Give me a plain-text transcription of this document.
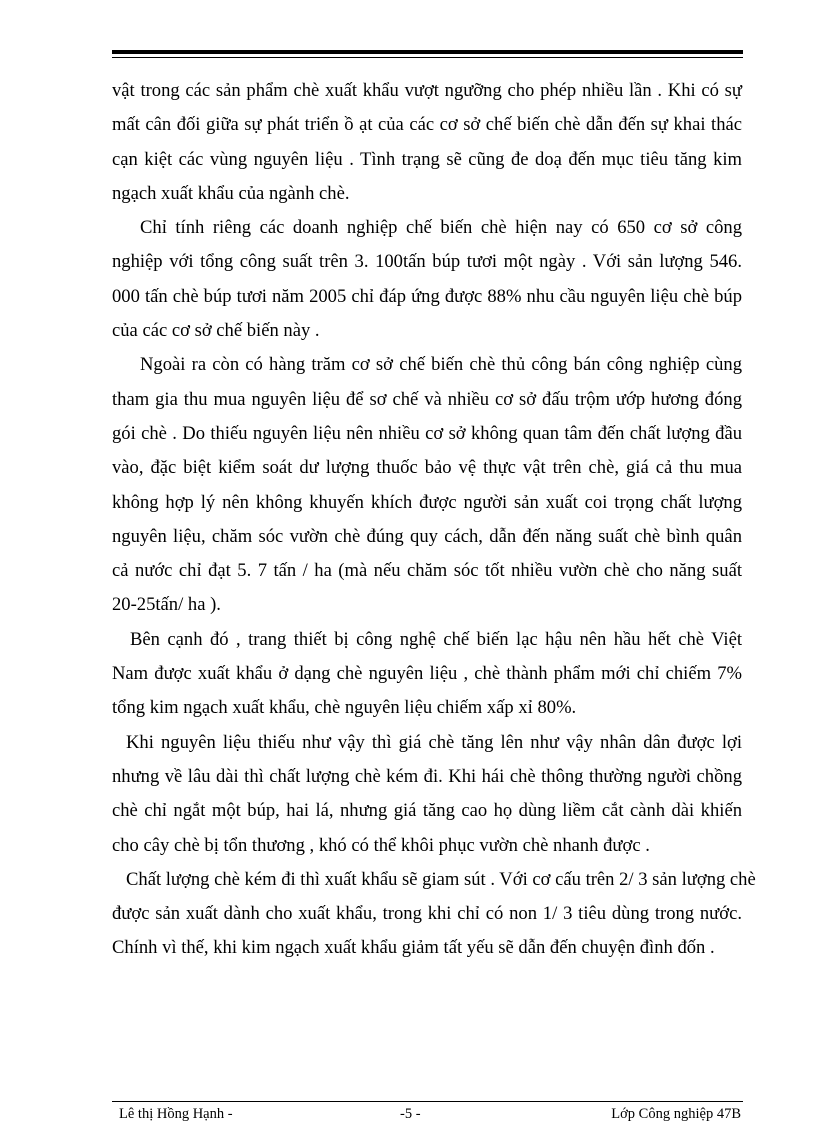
vật trong các sản phẩm chè xuất khẩu vượt ngưỡng cho phép nhiều lần . Khi có sự
mất cân đối giữa sự phát triển ồ ạt của các cơ sở chế biến chè dẫn đến sự khai thác
cạn kiệt các vùng nguyên liệu . Tình trạng sẽ cũng đe doạ đến mục tiêu tăng kim
ngạch xuất khẩu của ngành chè.

Chỉ tính riêng các doanh nghiệp chế biến chè hiện nay có 650 cơ sở công
nghiệp với tổng công suất trên 3. 100tấn búp tươi một ngày . Với sản lượng 546.
000 tấn chè búp tươi năm 2005 chỉ đáp ứng được 88% nhu cầu nguyên liệu chè búp
của các cơ sở chế biến này .

Ngoài ra còn có hàng trăm cơ sở chế biến chè thủ công bán công nghiệp cùng
tham gia thu mua nguyên liệu để sơ chế và nhiều cơ sở đấu trộm ướp hương đóng
gói chè . Do thiếu nguyên liệu nên nhiều cơ sở không quan tâm đến chất lượng đầu
vào, đặc biệt kiểm soát dư lượng thuốc bảo vệ thực vật trên chè, giá cả thu mua
không hợp lý nên không khuyến khích được người sản xuất coi trọng chất lượng
nguyên liệu, chăm sóc vườn chè đúng quy cách, dẫn đến năng suất chè bình quân
cả nước chỉ đạt 5. 7 tấn / ha (mà nếu chăm sóc tốt nhiều vườn chè cho năng suất
20-25tấn/ ha ).

Bên cạnh đó , trang thiết bị công nghệ chế biến lạc hậu nên hầu hết chè Việt
Nam được xuất khẩu ở dạng chè nguyên liệu , chè thành phẩm mới chỉ chiếm 7%
tổng kim ngạch xuất khẩu, chè nguyên liệu chiếm xấp xỉ 80%.

Khi nguyên liệu thiếu như vậy thì giá chè tăng lên như vậy nhân dân được lợi
nhưng về lâu dài thì chất lượng chè kém đi. Khi hái chè thông thường người chồng
chè chỉ ngắt một búp, hai lá, nhưng giá tăng cao họ dùng liềm cắt cành dài khiến
cho cây chè bị tổn thương , khó có thể khôi phục vườn chè nhanh được .

Chất lượng chè kém đi thì xuất khẩu sẽ giam sút . Với cơ cấu trên 2/ 3 sản lượng chè
được sản xuất dành cho xuất khẩu, trong khi chỉ có non 1/ 3 tiêu dùng trong nước.
Chính vì thế, khi kim ngạch xuất khẩu giảm tất yếu sẽ dẫn đến chuyện đình đốn .

Lê thị Hồng Hạnh -	-5 -	Lớp Công nghiệp 47B
